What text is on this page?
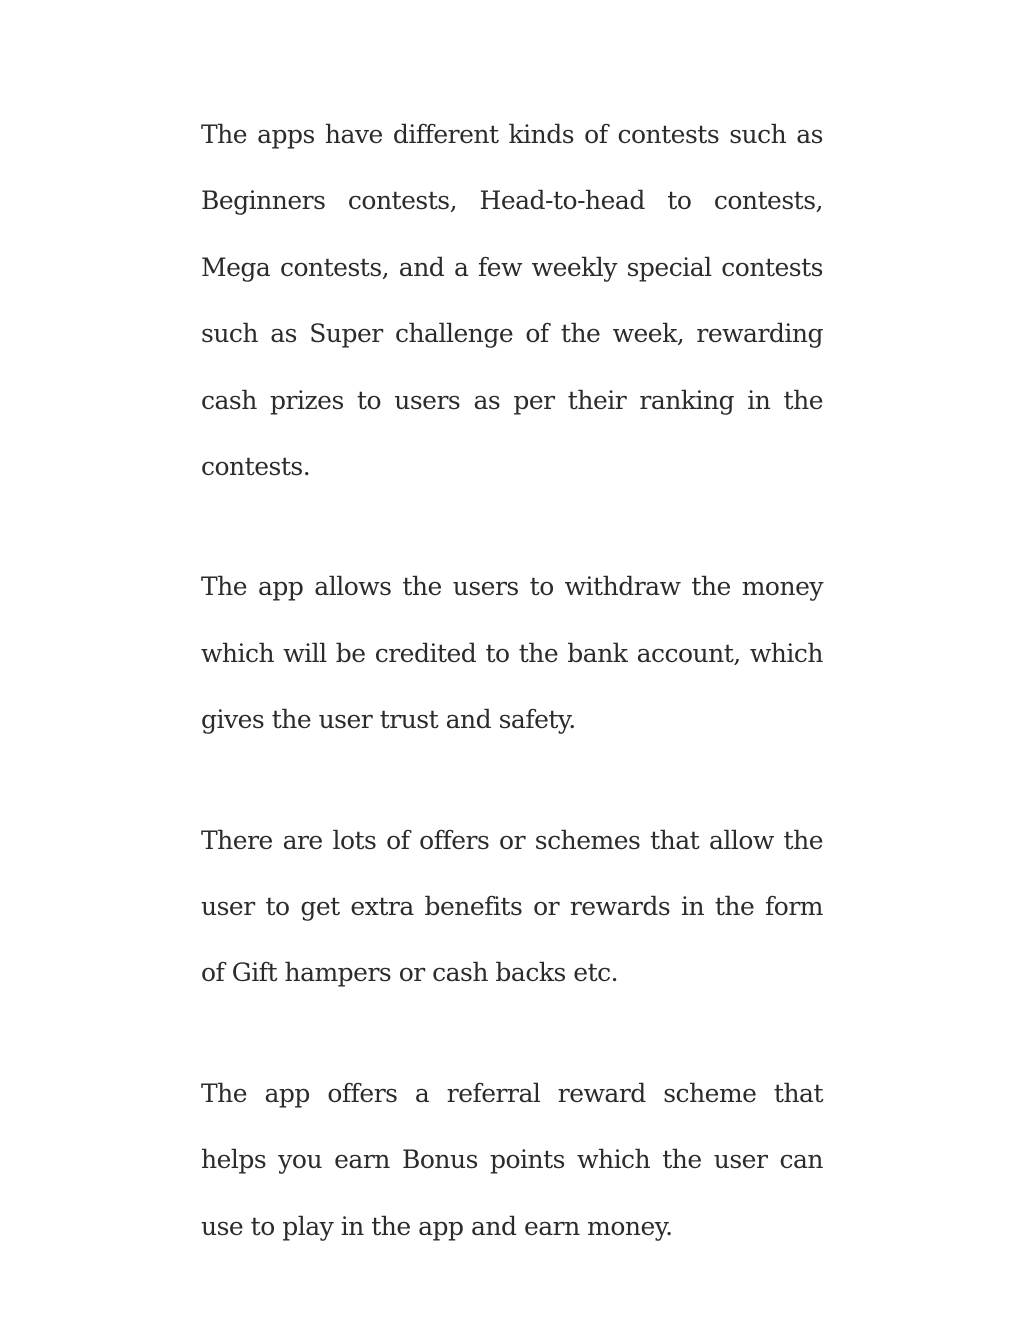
The apps have different kinds of contests such as Beginners contests, Head-to-head to contests, Mega contests, and a few weekly special contests such as Super challenge of the week, rewarding cash prizes to users as per their ranking in the contests.

The app allows the users to withdraw the money which will be credited to the bank account, which gives the user trust and safety.

There are lots of offers or schemes that allow the user to get extra benefits or rewards in the form of Gift hampers or cash backs etc.

The app offers a referral reward scheme that helps you earn Bonus points which the user can use to play in the app and earn money.
